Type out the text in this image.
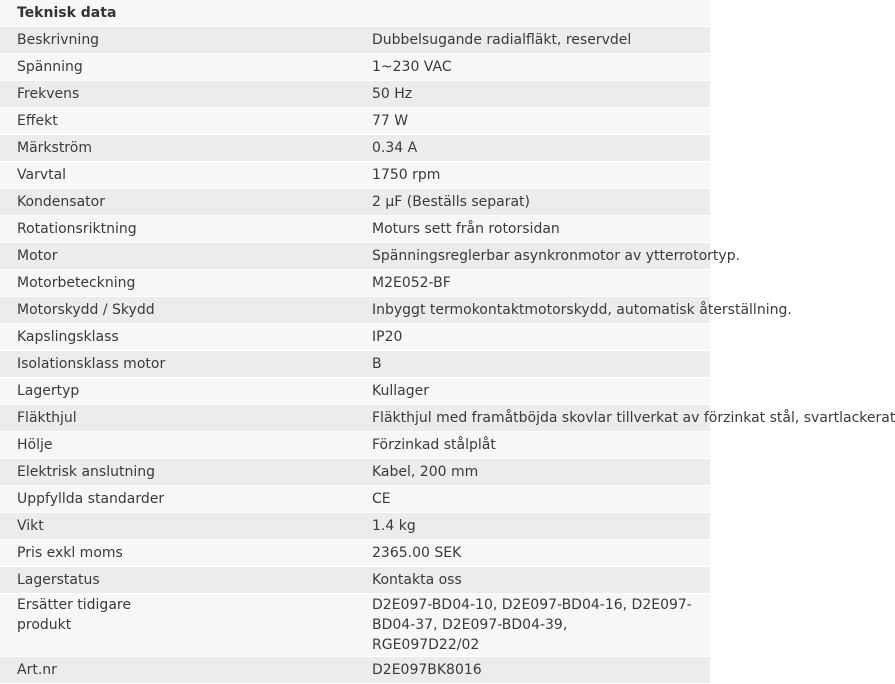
Teknisk data	
Beskrivning	Dubbelsugande radialfläkt, reservdel
Spänning	1~230 VAC
Frekvens	50 Hz
Effekt	77 W
Märkström	0.34 A
Varvtal	1750 rpm
Kondensator	2 µF (Beställs separat)
Rotationsriktning	Moturs sett från rotorsidan
Motor	Spänningsreglerbar asynkronmotor av ytterrotortyp.
Motorbeteckning	M2E052-BF
Motorskydd / Skydd	Inbyggt termokontaktmotorskydd, automatisk återställning.
Kapslingsklass	IP20
Isolationsklass motor	B
Lagertyp	Kullager
Fläkthjul	Fläkthjul med framåtböjda skovlar tillverkat av förzinkat stål, svartlackerat
Hölje	Förzinkad stålplåt
Elektrisk anslutning	Kabel, 200 mm
Uppfyllda standarder	CE
Vikt	1.4 kg
Pris exkl moms	2365.00 SEK
Lagerstatus	Kontakta oss

Ersätter tidigare
produkt	D2E097-BD04-10, D2E097-BD04-16, D2E097-BD04-37, D2E097-BD04-39,
RGE097D22/02

Art.nr	D2E097BK8016
